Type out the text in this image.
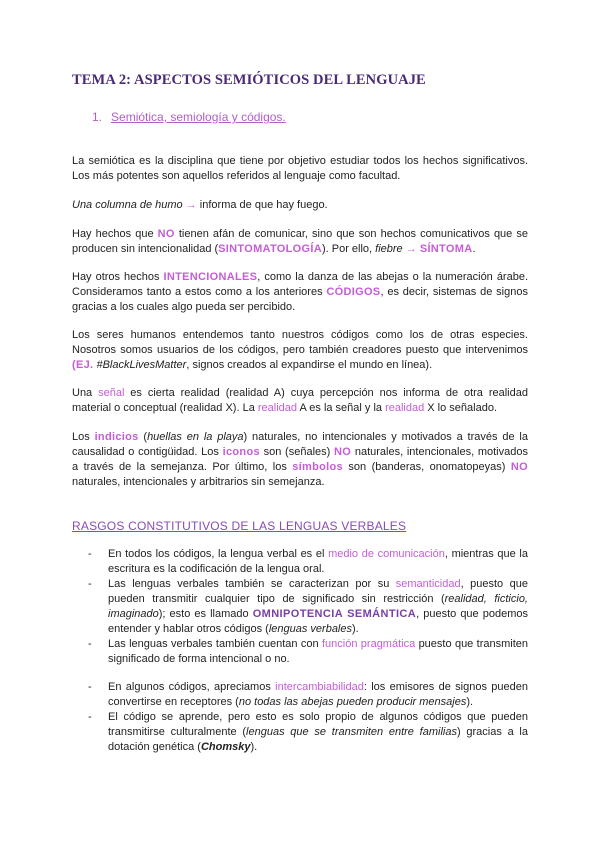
TEMA 2: ASPECTOS SEMIÓTICOS DEL LENGUAJE
1. Semiótica, semiología y códigos.

La semiótica es la disciplina que tiene por objetivo estudiar todos los hechos significativos. Los más potentes son aquellos referidos al lenguaje como facultad.

Una columna de humo → informa de que hay fuego.

Hay hechos que NO tienen afán de comunicar, sino que son hechos comunicativos que se producen sin intencionalidad (SINTOMATOLOGÍA). Por ello, fiebre → SÍNTOMA.

Hay otros hechos INTENCIONALES, como la danza de las abejas o la numeración árabe. Consideramos tanto a estos como a los anteriores CÓDIGOS, es decir, sistemas de signos gracias a los cuales algo pueda ser percibido.

Los seres humanos entendemos tanto nuestros códigos como los de otras especies. Nosotros somos usuarios de los códigos, pero también creadores puesto que intervenimos (EJ. #BlackLivesMatter, signos creados al expandirse el mundo en línea).

Una señal es cierta realidad (realidad A) cuya percepción nos informa de otra realidad material o conceptual (realidad X). La realidad A es la señal y la realidad X lo señalado.

Los indicios (huellas en la playa) naturales, no intencionales y motivados a través de la causalidad o contigüidad. Los iconos son (señales) NO naturales, intencionales, motivados a través de la semejanza. Por último, los símbolos son (banderas, onomatopeyas) NO naturales, intencionales y arbitrarios sin semejanza.

RASGOS CONSTITUTIVOS DE LAS LENGUAS VERBALES
- En todos los códigos, la lengua verbal es el medio de comunicación, mientras que la escritura es la codificación de la lengua oral.
- Las lenguas verbales también se caracterizan por su semanticidad, puesto que pueden transmitir cualquier tipo de significado sin restricción (realidad, ficticio, imaginado); esto es llamado OMNIPOTENCIA SEMÁNTICA, puesto que podemos entender y hablar otros códigos (lenguas verbales).
- Las lenguas verbales también cuentan con función pragmática puesto que transmiten significado de forma intencional o no.
- En algunos códigos, apreciamos intercambiabilidad: los emisores de signos pueden convertirse en receptores (no todas las abejas pueden producir mensajes).
- El código se aprende, pero esto es solo propio de algunos códigos que pueden transmitirse culturalmente (lenguas que se transmiten entre familias) gracias a la dotación genética (Chomsky).
